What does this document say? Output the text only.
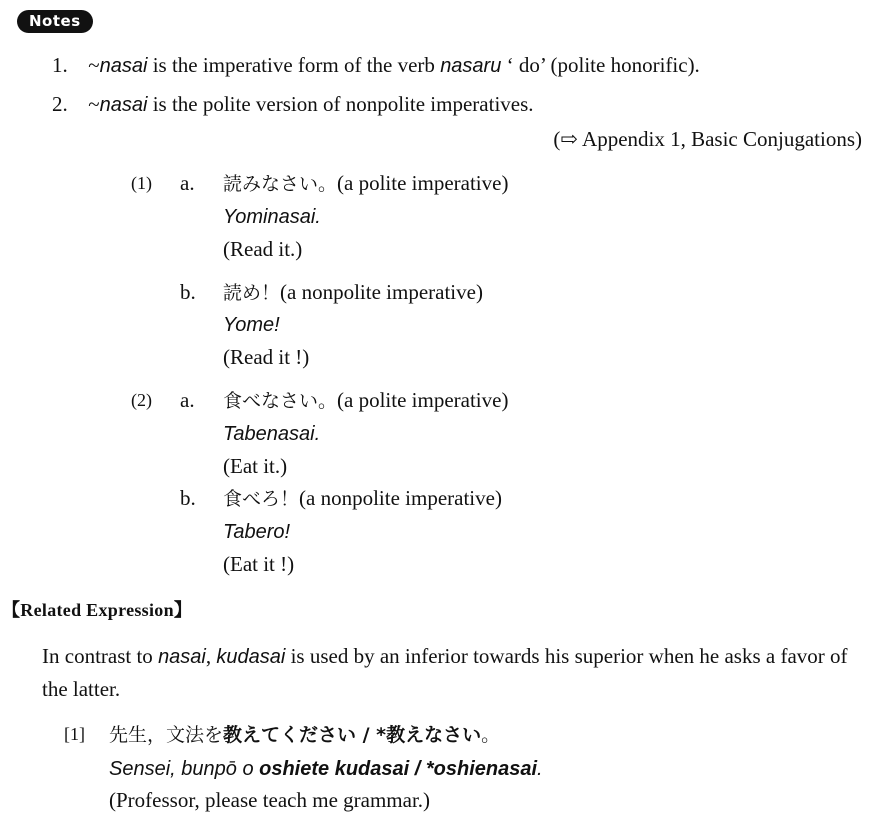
Notes
1. ~nasai is the imperative form of the verb nasaru ‘ do’ (polite honorific).
2. ~nasai is the polite version of nonpolite imperatives.
(⇨ Appendix 1, Basic Conjugations)
(1) a. 読みなさい。(a polite imperative)
Yominasai.
(Read it.)
b. 読め！(a nonpolite imperative)
Yome!
(Read it !)
(2) a. 食べなさい。(a polite imperative)
Tabenasai.
(Eat it.)
b. 食べろ！(a nonpolite imperative)
Tabero!
(Eat it !)
【Related Expression】
In contrast to nasai, kudasai is used by an inferior towards his superior when he asks a favor of the latter.
[1] 先生，文法を教えてください / *教えなさい。
Sensei, bunpō o oshiete kudasai / *oshienasai.
(Professor, please teach me grammar.)
